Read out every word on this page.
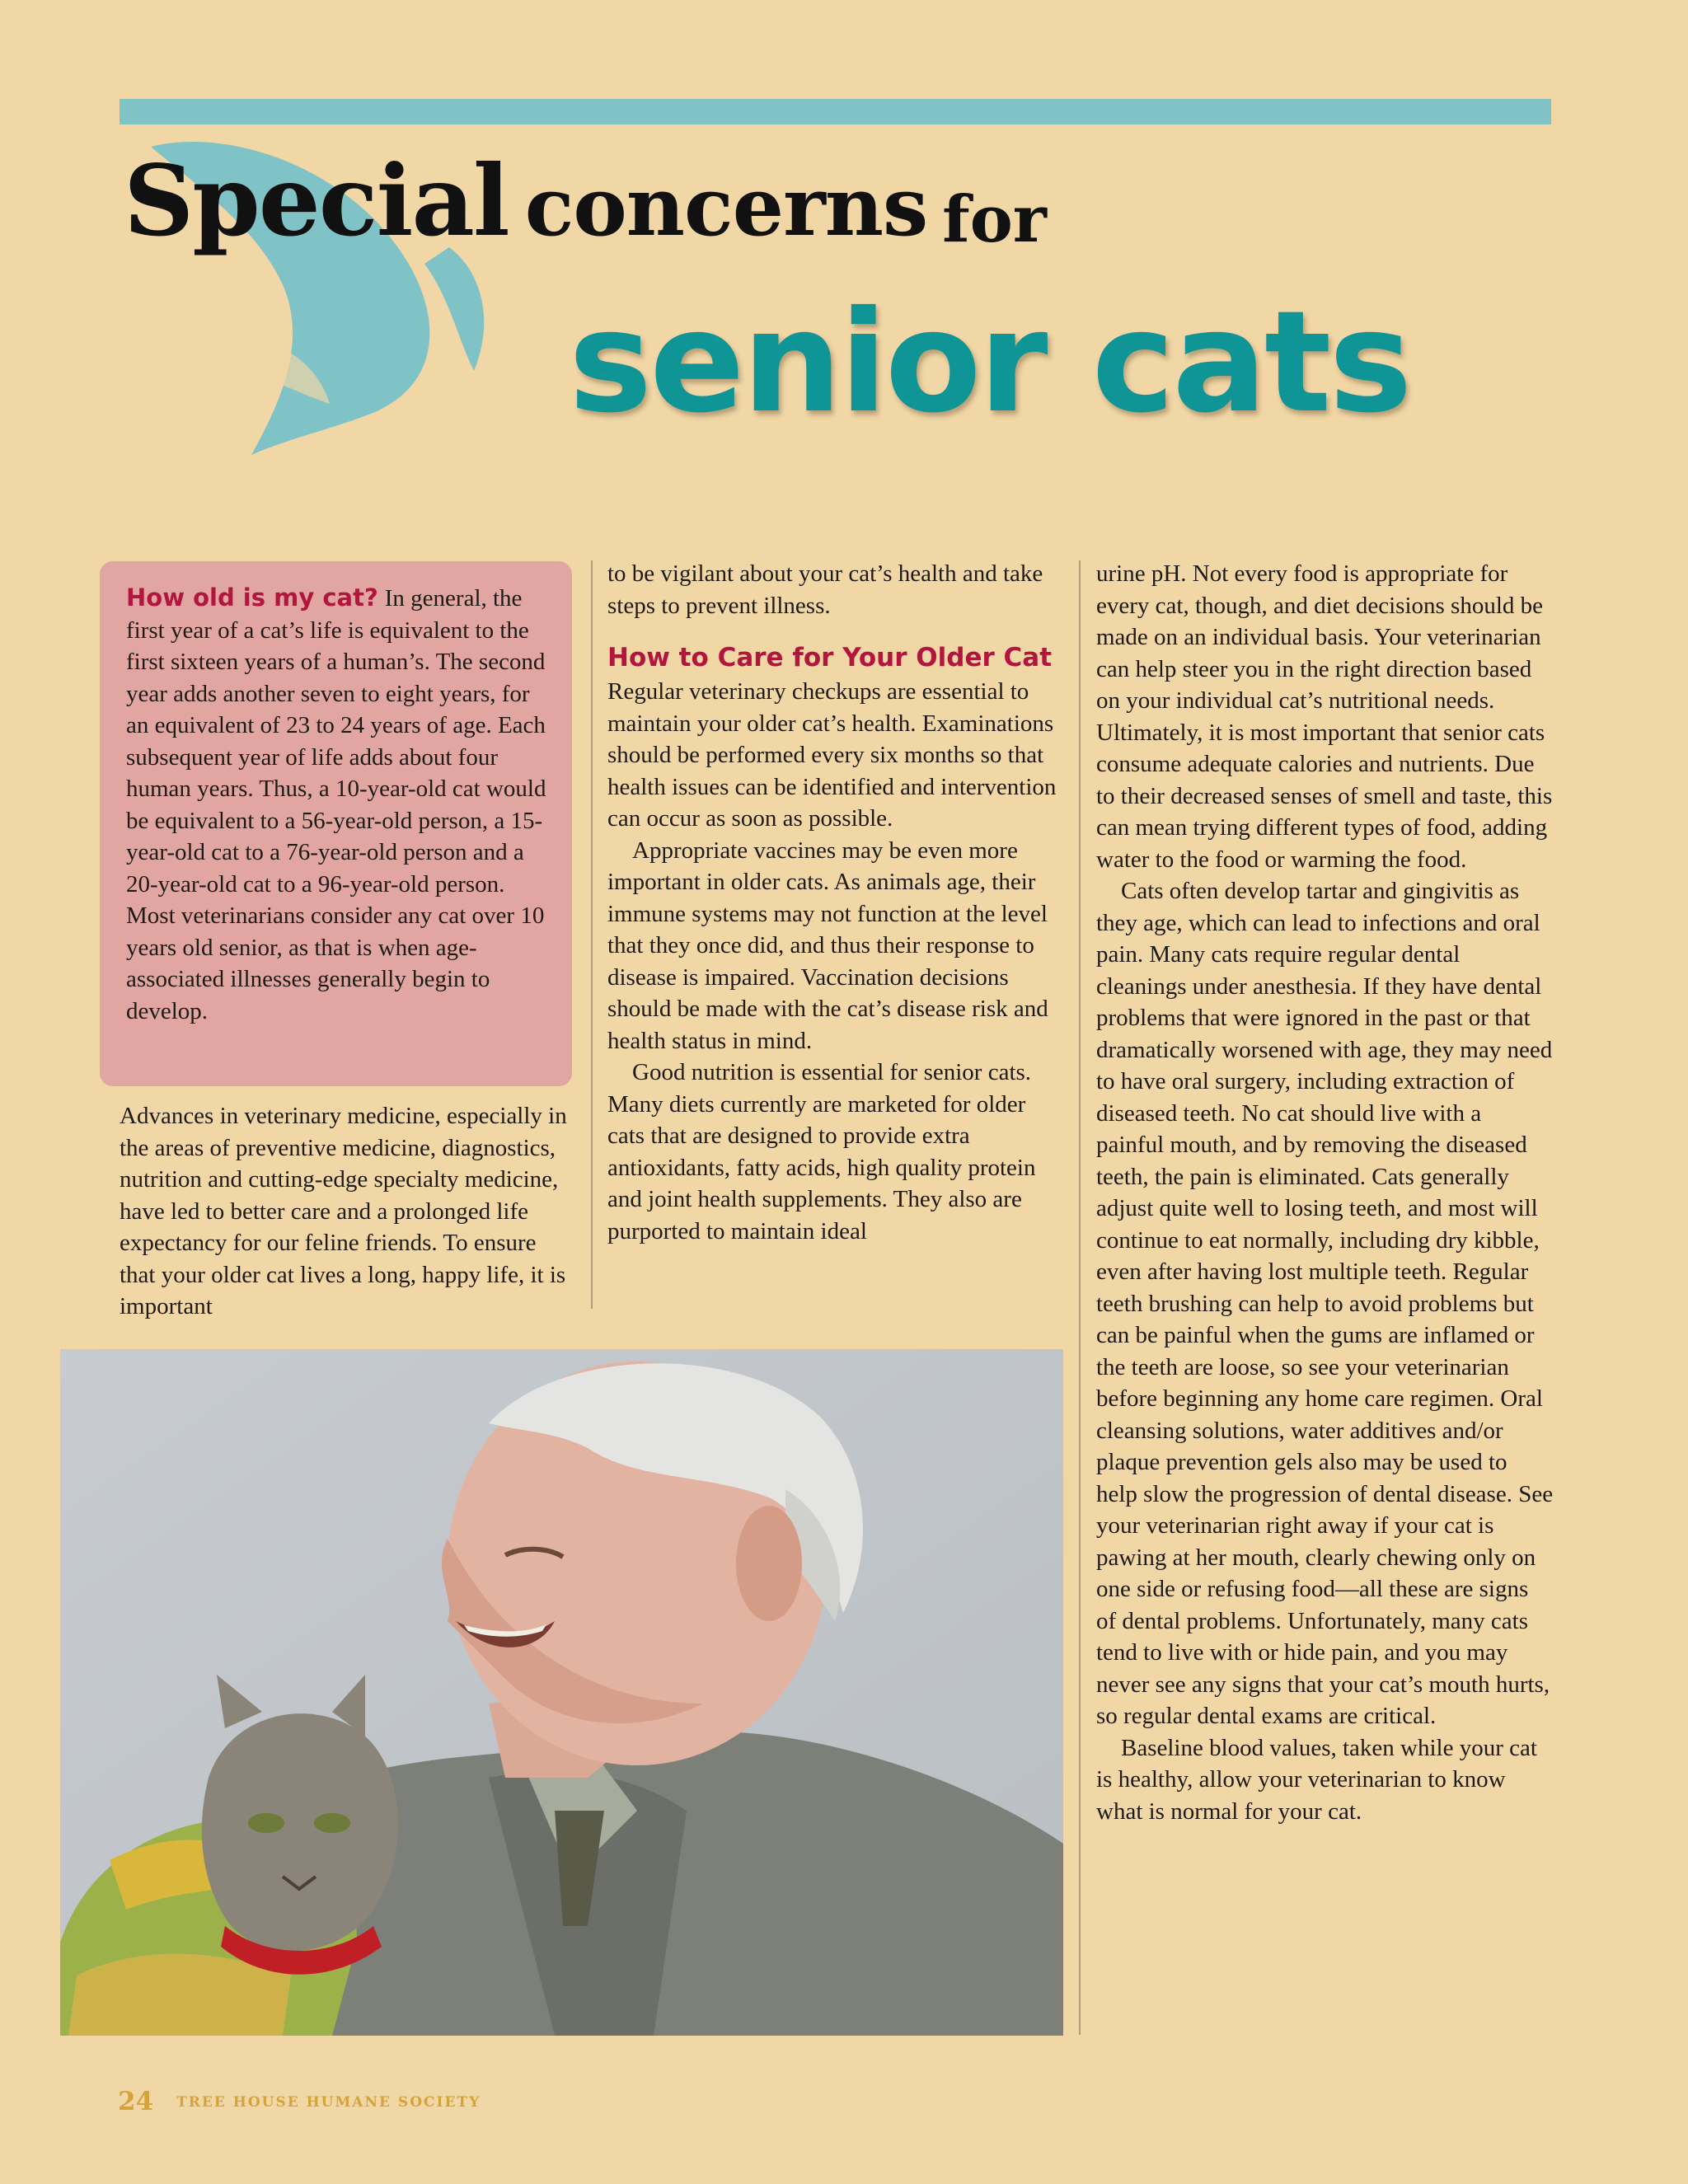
Special concerns for
senior cats

How old is my cat? In general, the first year of a cat’s life is equivalent to the first sixteen years of a human’s. The second year adds another seven to eight years, for an equivalent of 23 to 24 years of age. Each subsequent year of life adds about four human years. Thus, a 10-year-old cat would be equivalent to a 56-year-old person, a 15-year-old cat to a 76-year-old person and a 20-year-old cat to a 96-year-old person. Most veterinarians consider any cat over 10 years old senior, as that is when age-associated illnesses generally begin to develop.

Advances in veterinary medicine, especially in the areas of preventive medicine, diagnostics, nutrition and cutting-edge specialty medicine, have led to better care and a prolonged life expectancy for our feline friends. To ensure that your older cat lives a long, happy life, it is important

to be vigilant about your cat’s health and take steps to prevent illness.

How to Care for Your Older Cat

Regular veterinary checkups are essential to maintain your older cat’s health. Examinations should be performed every six months so that health issues can be identified and intervention can occur as soon as possible.

Appropriate vaccines may be even more important in older cats. As animals age, their immune systems may not function at the level that they once did, and thus their response to disease is impaired. Vaccination decisions should be made with the cat’s disease risk and health status in mind.

Good nutrition is essential for senior cats. Many diets currently are marketed for older cats that are designed to provide extra antioxidants, fatty acids, high quality protein and joint health supplements. They also are purported to maintain ideal

urine pH. Not every food is appropriate for every cat, though, and diet decisions should be made on an individual basis. Your veterinarian can help steer you in the right direction based on your individual cat’s nutritional needs. Ultimately, it is most important that senior cats consume adequate calories and nutrients. Due to their decreased senses of smell and taste, this can mean trying different types of food, adding water to the food or warming the food.

Cats often develop tartar and gingivitis as they age, which can lead to infections and oral pain. Many cats require regular dental cleanings under anesthesia. If they have dental problems that were ignored in the past or that dramatically worsened with age, they may need to have oral surgery, including extraction of diseased teeth. No cat should live with a painful mouth, and by removing the diseased teeth, the pain is eliminated. Cats generally adjust quite well to losing teeth, and most will continue to eat normally, including dry kibble, even after having lost multiple teeth. Regular teeth brushing can help to avoid problems but can be painful when the gums are inflamed or the teeth are loose, so see your veterinarian before beginning any home care regimen. Oral cleansing solutions, water additives and/or plaque prevention gels also may be used to help slow the progression of dental disease. See your veterinarian right away if your cat is pawing at her mouth, clearly chewing only on one side or refusing food—all these are signs of dental problems. Unfortunately, many cats tend to live with or hide pain, and you may never see any signs that your cat’s mouth hurts, so regular dental exams are critical.

Baseline blood values, taken while your cat is healthy, allow your veterinarian to know what is normal for your cat.

24 TREE HOUSE HUMANE SOCIETY
